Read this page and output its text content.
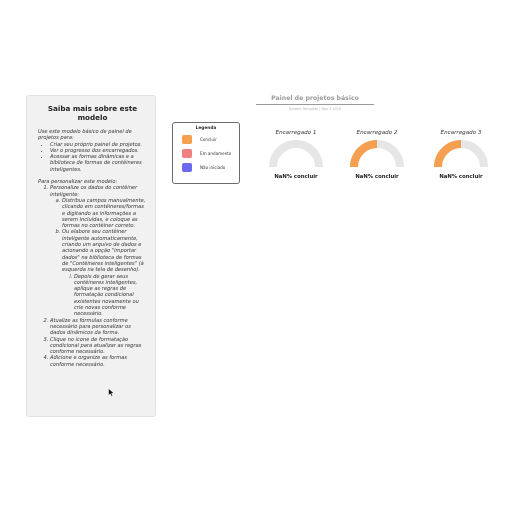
Saiba mais sobre este modelo

Use este modelo básico de painel de projetos para:

• Criar seu próprio painel de projetos.
• Ver o progresso dos encarregados.
• Acessar as formas dinâmicas e a biblioteca de formas de contêineres inteligentes.

Para personalizar este modelo:

1. Personalize os dados do contêiner inteligente:
a. Distribua campos manualmente, clicando em contêineres/formas e digitando as informações a serem incluídas, e coloque as formas no contêiner correto.
b. Ou elabore seu contêiner inteligente automaticamente, criando um arquivo de dados e acionando a opção "importar dados" na biblioteca de formas de "Contêineres inteligentes" (à esquerda na tela de desenho).
i. Depois de gerar seus contêineres inteligentes, aplique as regras de formatação condicional existentes novamente ou crie novas conforme necessário.
2. Atualize as fórmulas conforme necessário para personalizar os dados dinâmicos da forma.
3. Clique no ícone de formatação condicional para atualizar as regras conforme necessário.
4. Adicione e organize as formas conforme necessário.
Painel de projetos básico
System Template | Nov 3 2020
Legenda
Concluir
Em andamento
Não iniciado
Encarregado 1
NaN% concluir
Encarregado 2
NaN% concluir
Encarregado 3
NaN% concluir
